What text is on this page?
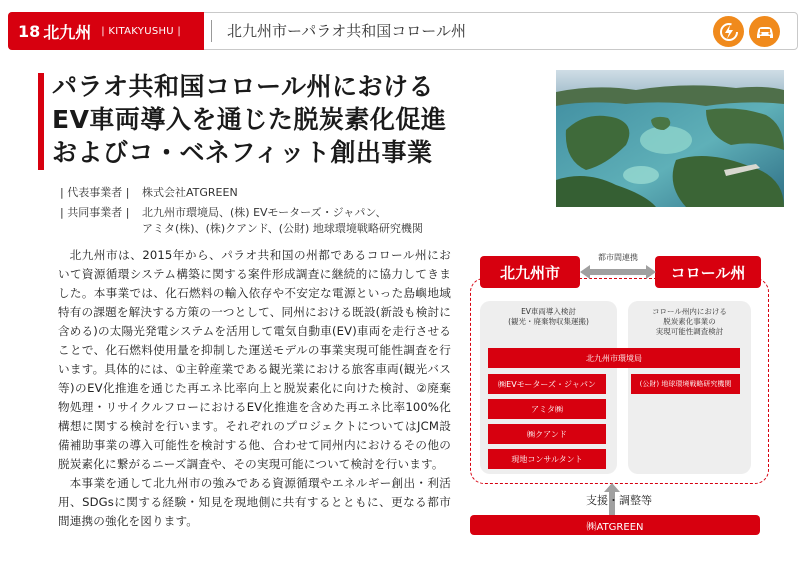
18 北九州 | KITAKYUSHU |	北九州市ーパラオ共和国コロール州
パラオ共和国コロール州における
EV車両導入を通じた脱炭素化促進
およびコ・ベネフィット創出事業
| 代表事業者 | 株式会社ATGREEN
| 共同事業者 | 北九州市環境局、(株) EVモーターズ・ジャパン、
アミタ(株)、(株)クアンド、(公財) 地球環境戦略研究機関

北九州市は、2015年から、パラオ共和国の州都であるコロール州において資源循環システム構築に関する案件形成調査に継続的に協力してきました。本事業では、化石燃料の輸入依存や不安定な電源といった島嶼地域特有の課題を解決する方策の一つとして、同州における既設(新設も検討に含める)の太陽光発電システムを活用して電気自動車(EV)車両を走行させることで、化石燃料使用量を抑制した運送モデルの事業実現可能性調査を行います。具体的には、①主幹産業である観光業における旅客車両(観光バス等)のEV化推進を通じた再エネ比率向上と脱炭素化に向けた検討、②廃棄物処理・リサイクルフローにおけるEV化推進を含めた再エネ比率100%化構想に関する検討を行います。それぞれのプロジェクトについてはJCM設備補助事業の導入可能性を検討する他、合わせて同州内におけるその他の脱炭素化に繋がるニーズ調査や、その実現可能について検討を行います。

本事業を通して北九州市の強みである資源循環やエネルギー創出・利活用、SDGsに関する経験・知見を現地側に共有するとともに、更なる都市間連携の強化を図ります。

北九州市	コロール州
都市間連携
EV車両導入検討
(観光・廃棄物収集運搬)
コロール州内における
脱炭素化事業の
実現可能性調査検討
北九州市環境局
㈱EVモーターズ・ジャパン
アミタ㈱
㈱クアンド
現地コンサルタント
(公財) 地球環境戦略研究機関
支援・調整等
㈱ATGREEN
